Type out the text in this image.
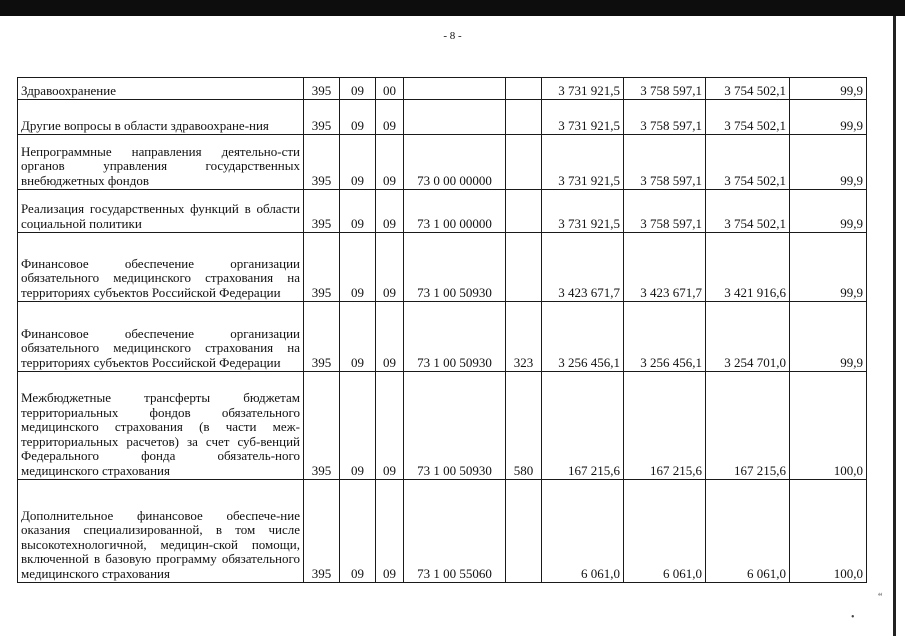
- 8 -
Здравоохранение	395	09	00			3 731 921,5	3 758 597,1	3 754 502,1	99,9
Другие вопросы в области здравоохране-ния	395	09	09			3 731 921,5	3 758 597,1	3 754 502,1	99,9
Непрограммные направления деятельно-сти органов управления государственных внебюджетных фондов	395	09	09	73 0 00 00000		3 731 921,5	3 758 597,1	3 754 502,1	99,9
Реализация государственных функций в области социальной политики	395	09	09	73 1 00 00000		3 731 921,5	3 758 597,1	3 754 502,1	99,9
Финансовое обеспечение организации обязательного медицинского страхования на территориях субъектов Российской Федерации	395	09	09	73 1 00 50930		3 423 671,7	3 423 671,7	3 421 916,6	99,9
Финансовое обеспечение организации обязательного медицинского страхования на территориях субъектов Российской Федерации	395	09	09	73 1 00 50930	323	3 256 456,1	3 256 456,1	3 254 701,0	99,9
Межбюджетные трансферты бюджетам территориальных фондов обязательного медицинского страхования (в части меж-территориальных расчетов) за счет суб-венций Федерального фонда обязатель-ного медицинского страхования	395	09	09	73 1 00 50930	580	167 215,6	167 215,6	167 215,6	100,0
Дополнительное финансовое обеспече-ние оказания специализированной, в том числе высокотехнологичной, медицин-ской помощи, включенной в базовую программу обязательного медицинского страхования	395	09	09	73 1 00 55060		6 061,0	6 061,0	6 061,0	100,0
“
•
